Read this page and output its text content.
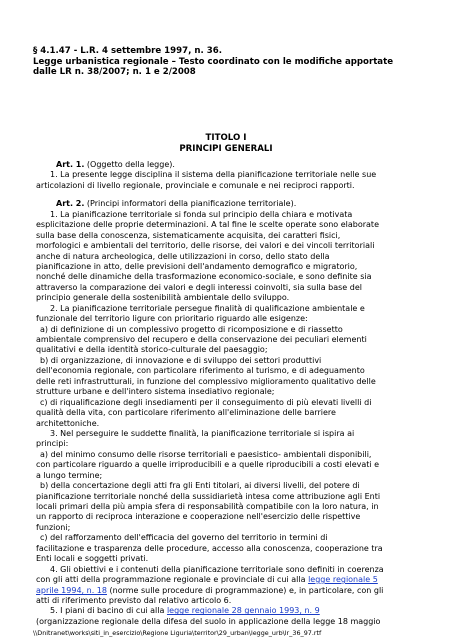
§ 4.1.47 - L.R. 4 settembre 1997, n. 36.
Legge urbanistica regionale – Testo coordinato con le modifiche apportate
dalle LR n. 38/2007; n. 1 e 2/2008
TITOLO I
PRINCIPI GENERALI
Art. 1. (Oggetto della legge).
1. La presente legge disciplina il sistema della pianificazione territoriale nelle sue
articolazioni di livello regionale, provinciale e comunale e nei reciproci rapporti.
Art. 2. (Principi informatori della pianificazione territoriale).
1. La pianificazione territoriale si fonda sul principio della chiara e motivata
esplicitazione delle proprie determinazioni. A tal fine le scelte operate sono elaborate
sulla base della conoscenza, sistematicamente acquisita, dei caratteri fisici,
morfologici e ambientali del territorio, delle risorse, dei valori e dei vincoli territoriali
anche di natura archeologica, delle utilizzazioni in corso, dello stato della
pianificazione in atto, delle previsioni dell'andamento demografico e migratorio,
nonché delle dinamiche della trasformazione economico-sociale, e sono definite sia
attraverso la comparazione dei valori e degli interessi coinvolti, sia sulla base del
principio generale della sostenibilità ambientale dello sviluppo.
2. La pianificazione territoriale persegue finalità di qualificazione ambientale e
funzionale del territorio ligure con prioritario riguardo alle esigenze:
a) di definizione di un complessivo progetto di ricomposizione e di riassetto
ambientale comprensivo del recupero e della conservazione dei peculiari elementi
qualitativi e della identità storico-culturale del paesaggio;
b) di organizzazione, di innovazione e di sviluppo dei settori produttivi
dell'economia regionale, con particolare riferimento al turismo, e di adeguamento
delle reti infrastrutturali, in funzione del complessivo miglioramento qualitativo delle
strutture urbane e dell'intero sistema insediativo regionale;
c) di riqualificazione degli insediamenti per il conseguimento di più elevati livelli di
qualità della vita, con particolare riferimento all'eliminazione delle barriere
architettoniche.
3. Nel perseguire le suddette finalità, la pianificazione territoriale si ispira ai
principi:
a) del minimo consumo delle risorse territoriali e paesistico- ambientali disponibili,
con particolare riguardo a quelle irriproducibili e a quelle riproducibili a costi elevati e
a lungo termine;
b) della concertazione degli atti fra gli Enti titolari, ai diversi livelli, del potere di
pianificazione territoriale nonché della sussidiarietà intesa come attribuzione agli Enti
locali primari della più ampia sfera di responsabilità compatibile con la loro natura, in
un rapporto di reciproca interazione e cooperazione nell'esercizio delle rispettive
funzioni;
c) del rafforzamento dell'efficacia del governo del territorio in termini di
facilitazione e trasparenza delle procedure, accesso alla conoscenza, cooperazione tra
Enti locali e soggetti privati.
4. Gli obiettivi e i contenuti della pianificazione territoriale sono definiti in coerenza
con gli atti della programmazione regionale e provinciale di cui alla legge regionale 5
aprile 1994, n. 18 (norme sulle procedure di programmazione) e, in particolare, con gli
atti di riferimento previsto dal relativo articolo 6.
5. I piani di bacino di cui alla legge regionale 28 gennaio 1993, n. 9
(organizzazione regionale della difesa del suolo in applicazione della legge 18 maggio
\\Dnitranet\works\siti_in_esercizio\Regione Liguria\territor\29_urban\legge_urb\lr_36_97.rtf
